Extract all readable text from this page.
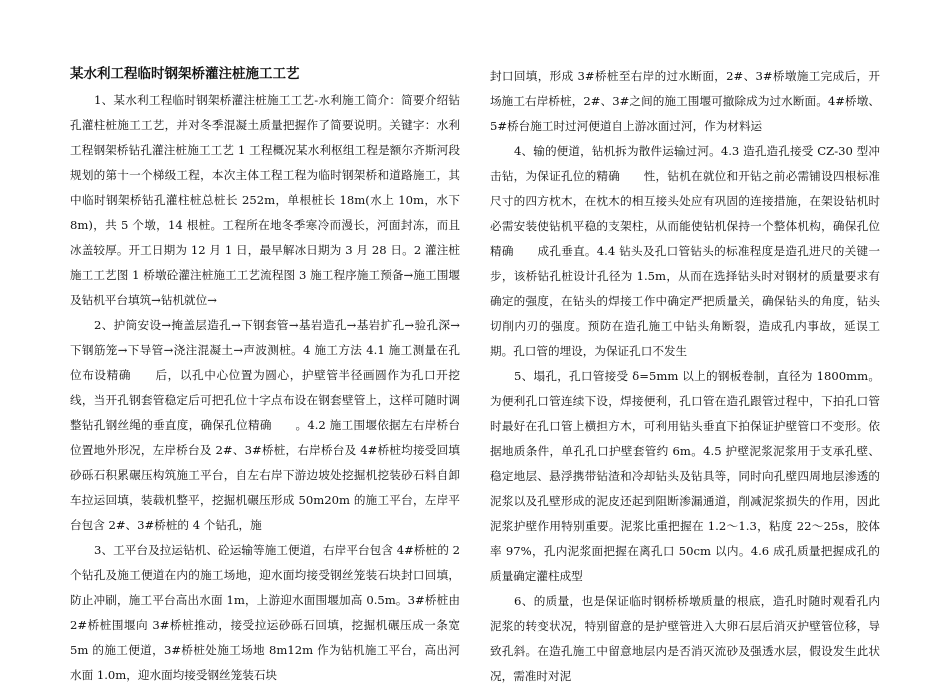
某水利工程临时钢架桥灌注桩施工工艺

1、某水利工程临时钢架桥灌注桩施工工艺-水利施工简介：简要介绍钻孔灌柱桩施工工艺，并对冬季混凝土质量把握作了简要说明。关键字：水利工程钢架桥钻孔灌注桩施工工艺 1 工程概况某水利枢组工程是额尔齐斯河段规划的第十一个梯级工程，本次主体工程工程为临时钢架桥和道路施工，其中临时钢架桥钻孔灌柱桩总桩长 252m，单根桩长 18m(水上 10m，水下 8m)，共 5 个墩，14 根桩。工程所在地冬季寒冷而漫长，河面封冻，而且冰盖较厚。开工日期为 12 月 1 日，最早解冰日期为 3 月 28 日。2 灌注桩施工工艺图 1 桥墩砼灌注桩施工工艺流程图 3 施工程序施工预备→施工围堰及钻机平台填筑→钻机就位→

2、护筒安设→掩盖层造孔→下钢套管→基岩造孔→基岩扩孔→验孔深→下钢筋笼→下导管→浇注混凝土→声波测桩。4 施工方法 4.1 施工测量在孔位布设精确　　后，以孔中心位置为圆心，护壁管半径画圆作为孔口开挖线，当开孔钢套管稳定后可把孔位十字点布设在钢套壁管上，这样可随时调整钻孔钢丝绳的垂直度，确保孔位精确　　。4.2 施工围堰依据左右岸桥台位置地外形况，左岸桥台及 2#、3#桥桩，右岸桥台及 4#桥桩均接受回填砂砾石积累碾压构筑施工平台，自左右岸下游边坡处挖掘机挖装砂石料自卸车拉运回填，装载机整平，挖掘机碾压形成 50m20m 的施工平台，左岸平台包含 2#、3#桥桩的 4 个钻孔，施

3、工平台及拉运钻机、砼运输等施工便道，右岸平台包含 4#桥桩的 2 个钻孔及施工便道在内的施工场地，迎水面均接受钢丝笼装石块封口回填，防止冲刷，施工平台高出水面 1m，上游迎水面围堰加高 0.5m。3#桥桩由 2#桥桩围堰向 3#桥桩推动，接受拉运砂砾石回填，挖掘机碾压成一条宽 5m 的施工便道，3#桥桩处施工场地 8m12m 作为钻机施工平台，高出河水面 1.0m，迎水面均接受钢丝笼装石块

封口回填，形成 3#桥桩至右岸的过水断面，2#、3#桥墩施工完成后，开场施工右岸桥桩，2#、3#之间的施工围堰可撤除成为过水断面。4#桥墩、5#桥台施工时过河便道自上游冰面过河，作为材料运

4、输的便道，钻机拆为散件运输过河。4.3 造孔造孔接受 CZ-30 型冲击钻，为保证孔位的精确　　性，钻机在就位和开钻之前必需铺设四根标准尺寸的四方枕木，在枕木的相互接头处应有巩固的连接措施，在架设钻机时必需安装使钻机平稳的支架柱，从而能使钻机保持一个整体机构，确保孔位精确　　成孔垂直。4.4 钻头及孔口管钻头的标准程度是造孔进尺的关键一步，该桥钻孔桩设计孔径为 1.5m，从而在选择钻头时对钢材的质量要求有确定的强度，在钻头的焊接工作中确定严把质量关，确保钻头的角度，钻头切削内刃的强度。预防在造孔施工中钻头角断裂，造成孔内事故，延误工期。孔口管的埋设，为保证孔口不发生

5、塌孔，孔口管接受 δ=5mm 以上的钢板卷制，直径为 1800mm。为便利孔口管连续下设，焊接便利，孔口管在造孔跟管过程中，下拍孔口管时最好在孔口管上横担方木，可利用钻头垂直下拍保证护壁管口不变形。依据地质条件，单孔孔口护壁套管约 6m。4.5 护壁泥浆泥浆用于支承孔壁、稳定地层、悬浮携带钻渣和冷却钻头及钻具等，同时向孔壁四周地层渗透的泥浆以及孔壁形成的泥皮还起到阻断渗漏通道，削减泥浆损失的作用，因此泥浆护壁作用特别重要。泥浆比重把握在 1.2～1.3，粘度 22～25s，胶体率 97%，孔内泥浆面把握在离孔口 50cm 以内。4.6 成孔质量把握成孔的质量确定灌柱成型

6、的质量，也是保证临时钢桥桥墩质量的根底，造孔时随时观看孔内泥浆的转变状况，特别留意的是护壁管进入大卵石层后消灭护壁管位移，导致孔斜。在造孔施工中留意地层内是否消灭流砂及强透水层，假设发生此状况，需准时对泥
